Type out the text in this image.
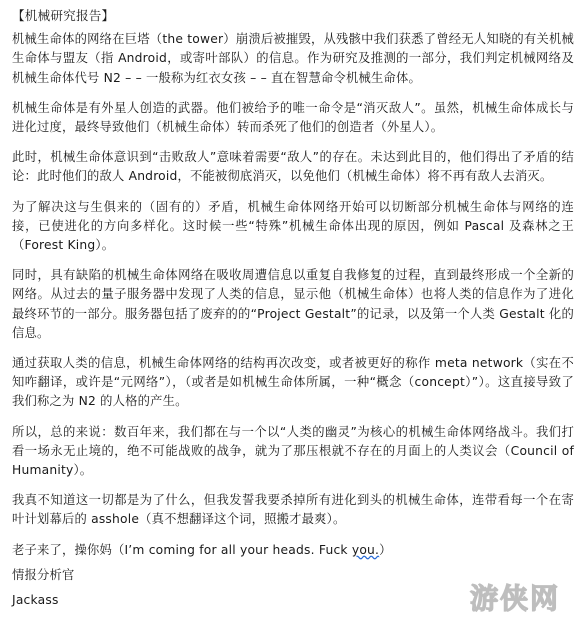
【机械研究报告】

机械生命体的网络在巨塔（the tower）崩溃后被摧毁，从残骸中我们获悉了曾经无人知晓的有关机械生命体与盟友（指 Android，或寄叶部队）的信息。作为研究及推测的一部分，我们判定机械网络及机械生命体代号 N2 – – 一般称为红衣女孩 – – 直在智慧命令机械生命体。

机械生命体是有外星人创造的武器。他们被给予的唯一命令是“消灭敌人”。虽然，机械生命体成长与进化过度，最终导致他们（机械生命体）转而杀死了他们的创造者（外星人）。

此时，机械生命体意识到“击败敌人”意味着需要“敌人”的存在。未达到此目的，他们得出了矛盾的结论：此时他们的敌人 Android，不能被彻底消灭，以免他们（机械生命体）将不再有敌人去消灭。

为了解决这与生俱来的（固有的）矛盾，机械生命体网络开始可以切断部分机械生命体与网络的连接，已使进化的方向多样化。这时候一些“特殊”机械生命体出现的原因，例如 Pascal 及森林之王（Forest King）。

同时，具有缺陷的机械生命体网络在吸收周遭信息以重复自我修复的过程，直到最终形成一个全新的网络。从过去的量子服务器中发现了人类的信息，显示他（机械生命体）也将人类的信息作为了进化最终环节的一部分。服务器包括了废弃的的“Project Gestalt”的记录，以及第一个人类 Gestalt 化的信息。

通过获取人类的信息，机械生命体网络的结构再次改变，或者被更好的称作 meta network（实在不知咋翻译，或许是“元网络”），（或者是如机械生命体所属，一种“概念（concept）”）。这直接导致了我们称之为 N2 的人格的产生。

所以，总的来说：数百年来，我们都在与一个以“人类的幽灵”为核心的机械生命体网络战斗。我们打看一场永无止境的，绝不可能战败的战争，就为了那压根就不存在的月面上的人类议会（Council of Humanity）。

我真不知道这一切都是为了什么，但我发誓我要杀掉所有进化到头的机械生命体，连带看每一个在寄叶计划幕后的 asshole（真不想翻译这个词，照搬才最爽）。

老子来了，操你妈（I’m coming for all your heads. Fuck you.）

情报分析官

Jackass	游侠网
